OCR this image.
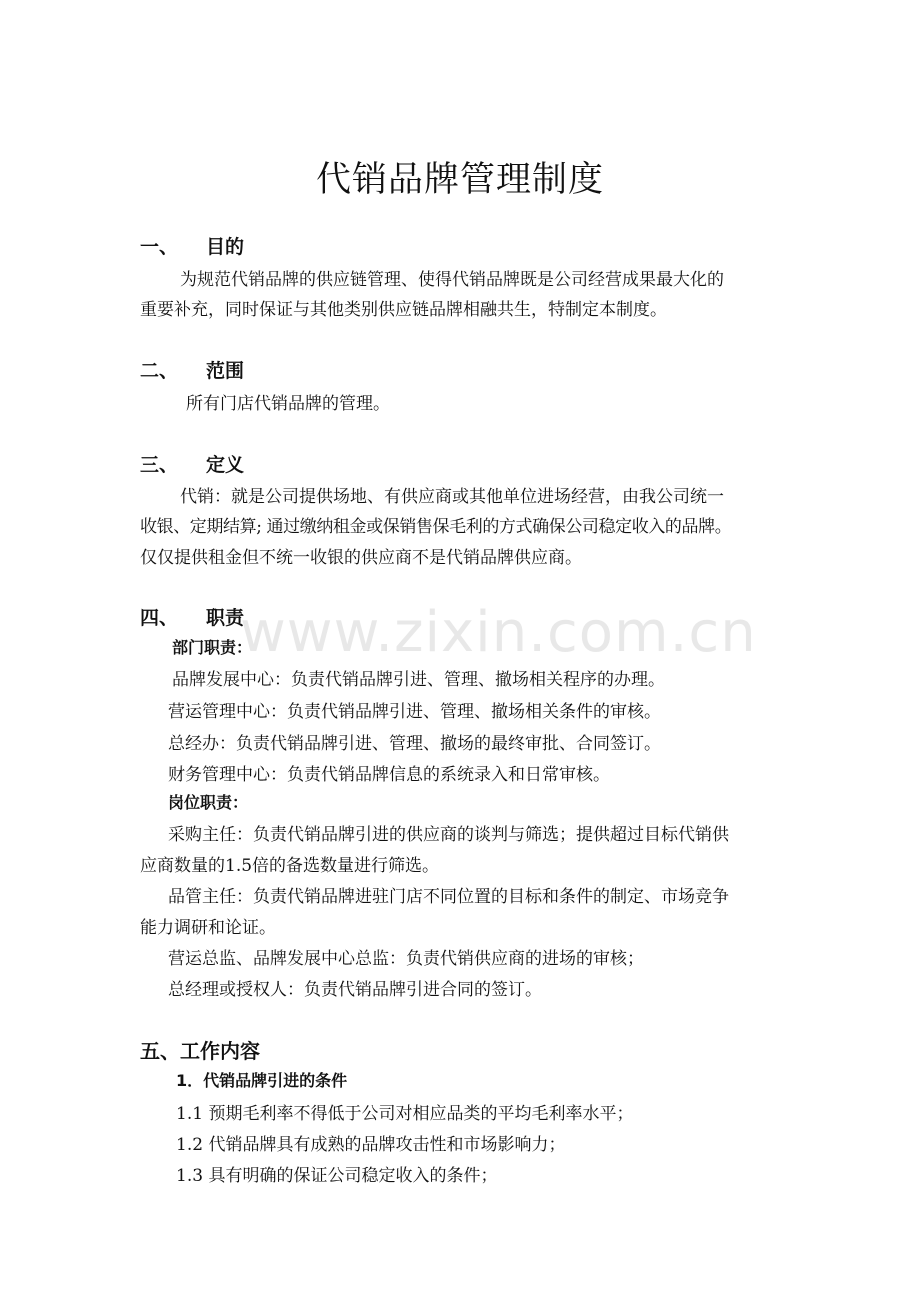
www.zixin.com.cn
代销品牌管理制度
一、 目的
为规范代销品牌的供应链管理、使得代销品牌既是公司经营成果最大化的
重要补充，同时保证与其他类别供应链品牌相融共生，特制定本制度。
二、 范围
所有门店代销品牌的管理。
三、 定义
代销：就是公司提供场地、有供应商或其他单位进场经营，由我公司统一
收银、定期结算; 通过缴纳租金或保销售保毛利的方式确保公司稳定收入的品牌。
仅仅提供租金但不统一收银的供应商不是代销品牌供应商。
四、 职责
部门职责：
品牌发展中心：负责代销品牌引进、管理、撤场相关程序的办理。
营运管理中心：负责代销品牌引进、管理、撤场相关条件的审核。
总经办：负责代销品牌引进、管理、撤场的最终审批、合同签订。
财务管理中心：负责代销品牌信息的系统录入和日常审核。
岗位职责：
采购主任：负责代销品牌引进的供应商的谈判与筛选；提供超过目标代销供
应商数量的1.5倍的备选数量进行筛选。
品管主任：负责代销品牌进驻门店不同位置的目标和条件的制定、市场竞争
能力调研和论证。
营运总监、品牌发展中心总监：负责代销供应商的进场的审核；
总经理或授权人：负责代销品牌引进合同的签订。
五、工作内容
1．代销品牌引进的条件
1.1 预期毛利率不得低于公司对相应品类的平均毛利率水平；
1.2 代销品牌具有成熟的品牌攻击性和市场影响力；
1.3 具有明确的保证公司稳定收入的条件；
